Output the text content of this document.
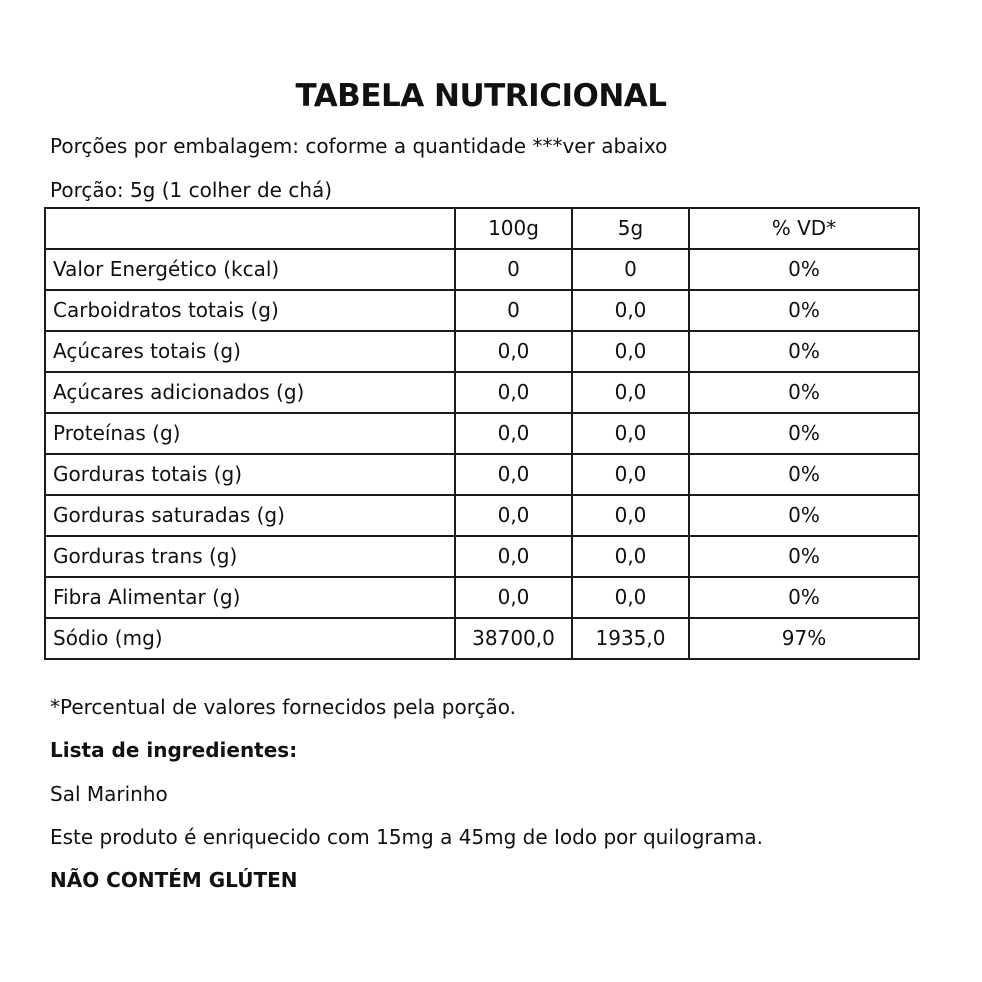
TABELA NUTRICIONAL

Porções por embalagem: coforme a quantidade ***ver abaixo

Porção: 5g (1 colher de chá)

	100g	5g	% VD*
Valor Energético (kcal)	0	0	0%
Carboidratos totais (g)	0	0,0	0%
Açúcares totais (g)	0,0	0,0	0%
Açúcares adicionados (g)	0,0	0,0	0%
Proteínas (g)	0,0	0,0	0%
Gorduras totais (g)	0,0	0,0	0%
Gorduras saturadas (g)	0,0	0,0	0%
Gorduras trans (g)	0,0	0,0	0%
Fibra Alimentar (g)	0,0	0,0	0%
Sódio (mg)	38700,0	1935,0	97%

*Percentual de valores fornecidos pela porção.

Lista de ingredientes:

Sal Marinho

Este produto é enriquecido com 15mg a 45mg de Iodo por quilograma.

NÃO CONTÉM GLÚTEN
